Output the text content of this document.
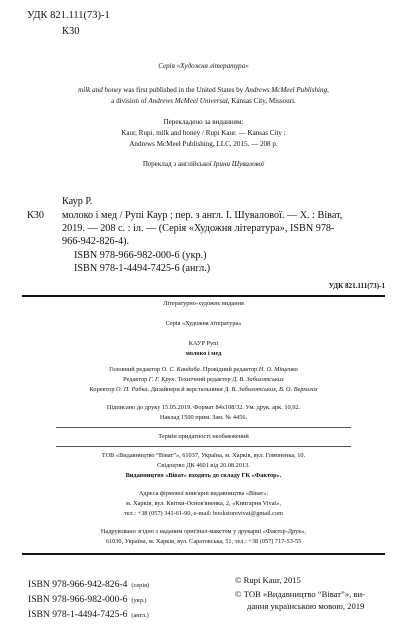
УДК 821.111(73)-1
К30
Серія «Художня література»
milk and honey was first published in the United States by Andrews McMeel Publishing,
a division of Andrews McMeel Universal, Kansas City, Missouri.
Перекладено за виданням:
Kaur, Rupi. milk and honey / Rupi Kaur. — Kansas City :
Andrews McMeel Publishing, LLC, 2015. — 208 p.
Переклад з англійської Ірини Шувалової
Каур Р.
К30 молоко і мед / Рупі Каур ; пер. з англ. І. Шувалової. — Х. : Віват,
2019. — 208 с. : іл. — (Серія «Художня література», ISBN 978-
966-942-826-4).
ISBN 978-966-982-000-6 (укр.)
ISBN 978-1-4494-7425-6 (англ.)
УДК 821.111(73)-1
Літературно-художнє видання
Серія «Художня література»
КАУР Рупі
молоко і мед
Головний редактор О. С. Кандиба. Провідний редактор Н. О. Міщенко
Редактор Г. Г. Крук. Технічний редактор Д. В. Заболотських
Коректор О. П. Рибка. Дизайнери й верстальники Д. В. Заболотських, В. О. Верхолаз
Підписано до друку 15.05.2019. Формат 84х108/32. Ум. друк. арк. 10,92.
Наклад 1500 прим. Зам. № 4456.
Термін придатності необмежений
ТОВ «Видавництво “Віват”», 61037, Україна, м. Харків, вул. Гомоненка, 10.
Свідоцтво ДК 4601 від 20.08.2013.
Видавництво «Віват» входить до складу ГК «Фактор».
Адреса фірмової книгарні видавництва «Віват»:
м. Харків, вул. Квітки-Основ'яненка, 2, «Книгарня Vivat»,
тел.: +38 (057) 341-61-90, e-mail: bookstorevivat@gmail.com
Надруковано згідно з наданим оригінал-макетом у друкарні «Фактор-Друк»,
61030, Україна, м. Харків, вул. Саратовська, 51, тел.: +38 (057) 717-53-55
ISBN 978-966-942-826-4 (серія)
ISBN 978-966-982-000-6 (укр.)
ISBN 978-1-4494-7425-6 (англ.)
© Rupi Kaur, 2015
© ТОВ «Видавництво “Віват”», ви-
дання українською мовою, 2019
